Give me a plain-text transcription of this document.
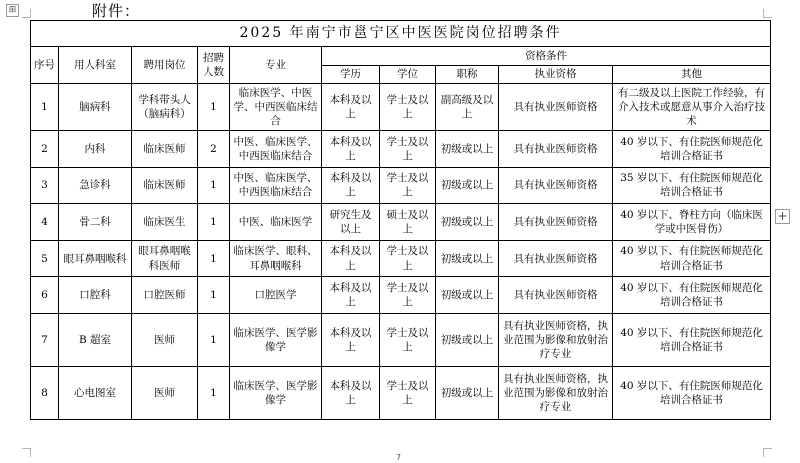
⊞	附件：
2025 年南宁市邕宁区中医医院岗位招聘条件									
序号	用人科室	聘用岗位	招聘人数	专业	资格条件				
					学历	学位	职称	执业资格	其他
1	脑病科	学科带头人（脑病科）	1	临床医学、中医学、中西医临床结合	本科及以上	学士及以上	副高级及以上	具有执业医师资格	有二级及以上医院工作经验，有介入技术或愿意从事介入治疗技术
2	内科	临床医师	2	中医、临床医学、中西医临床结合	本科及以上	学士及以上	初级或以上	具有执业医师资格	40 岁以下、有住院医师规范化培训合格证书
3	急诊科	临床医师	1	中医、临床医学、中西医临床结合	本科及以上	学士及以上	初级或以上	具有执业医师资格	35 岁以下、有住院医师规范化培训合格证书
4	骨二科	临床医生	1	中医、临床医学	研究生及以上	硕士及以上	初级或以上	具有执业医师资格	40 岁以下、脊柱方向（临床医学或中医骨伤）
5	眼耳鼻咽喉科	眼耳鼻咽喉科医师	1	临床医学、眼科、耳鼻咽喉科	本科及以上	学士及以上	初级或以上	具有执业医师资格	40 岁以下、有住院医师规范化培训合格证书
6	口腔科	口腔医师	1	口腔医学	本科及以上	学士及以上	初级或以上	具有执业医师资格	40 岁以下、有住院医师规范化培训合格证书
7	B 超室	医师	1	临床医学、医学影像学	本科及以上	学士及以上	初级或以上	具有执业医师资格，执业范围为影像和放射治疗专业	40 岁以下、有住院医师规范化培训合格证书
8	心电图室	医师	1	临床医学、医学影像学	本科及以上	学士及以上	初级或以上	具有执业医师资格，执业范围为影像和放射治疗专业	40 岁以下、有住院医师规范化培训合格证书
+
7
